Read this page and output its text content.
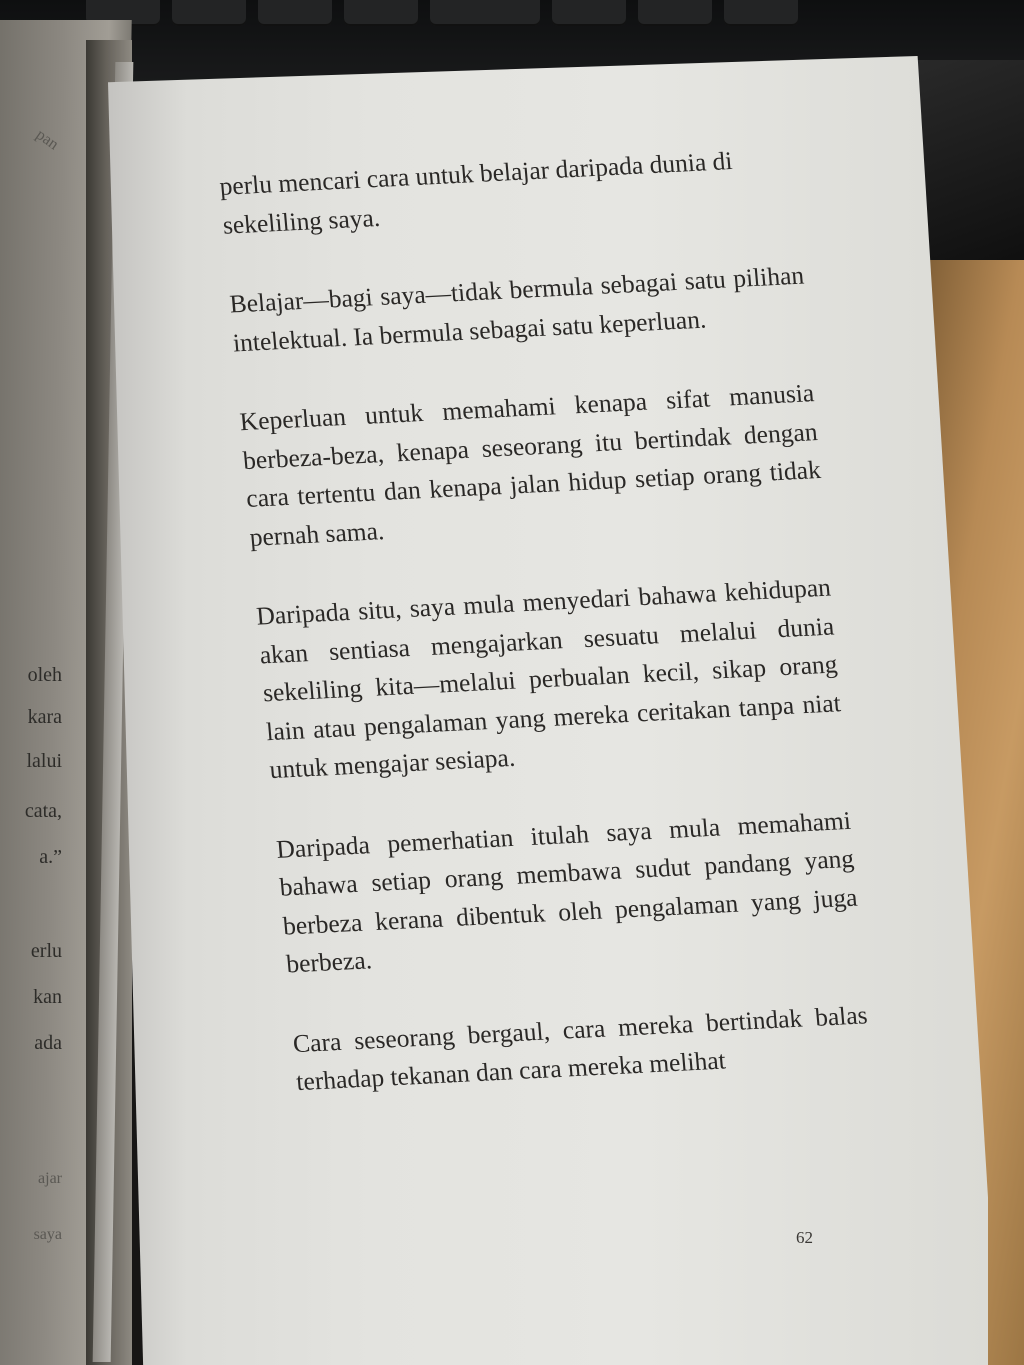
pan
oleh
kara
lalui
cata,
a.”
erlu
kan
ada
ajar
saya

perlu mencari cara untuk belajar daripada dunia di sekeliling saya.

Belajar—bagi saya—tidak bermula sebagai satu pilihan intelektual. Ia bermula sebagai satu keperluan.

Keperluan untuk memahami kenapa sifat manusia berbeza-beza, kenapa seseorang itu bertindak dengan cara tertentu dan kenapa jalan hidup setiap orang tidak pernah sama.

Daripada situ, saya mula menyedari bahawa kehidupan akan sentiasa mengajarkan sesuatu melalui dunia sekeliling kita—melalui perbualan kecil, sikap orang lain atau pengalaman yang mereka ceritakan tanpa niat untuk mengajar sesiapa.

Daripada pemerhatian itulah saya mula memahami bahawa setiap orang membawa sudut pandang yang berbeza kerana dibentuk oleh pengalaman yang juga berbeza.

Cara seseorang bergaul, cara mereka bertindak balas terhadap tekanan dan cara mereka melihat

62
